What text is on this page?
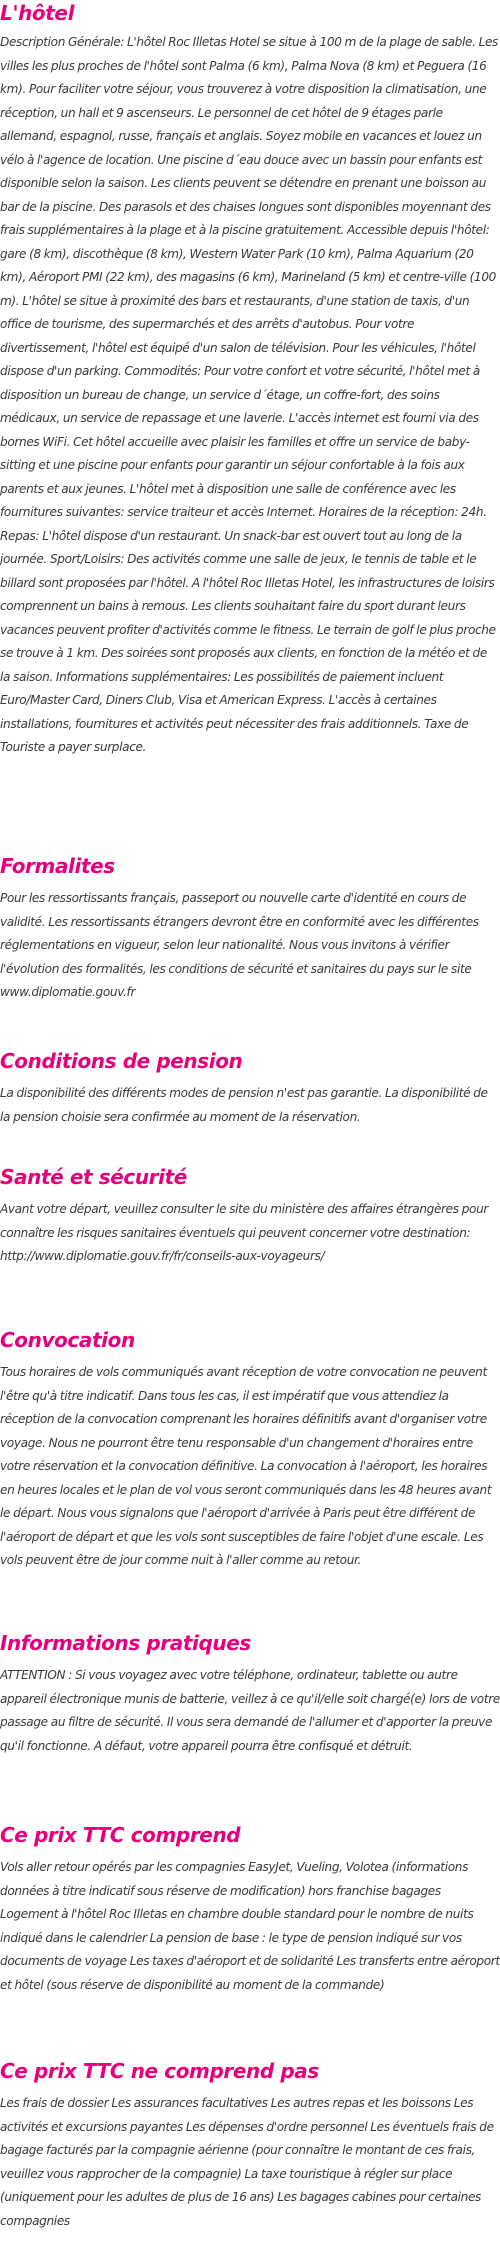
L'hôtel

Description Générale: L'hôtel Roc Illetas Hotel se situe à 100 m de la plage de sable. Les villes les plus proches de l'hôtel sont Palma (6 km), Palma Nova (8 km) et Peguera (16 km). Pour faciliter votre séjour, vous trouverez à votre disposition la climatisation, une réception, un hall et 9 ascenseurs. Le personnel de cet hôtel de 9 étages parle allemand, espagnol, russe, français et anglais. Soyez mobile en vacances et louez un vélo à l'agence de location. Une piscine d´eau douce avec un bassin pour enfants est disponible selon la saison. Les clients peuvent se détendre en prenant une boisson au bar de la piscine. Des parasols et des chaises longues sont disponibles moyennant des frais supplémentaires à la plage et à la piscine gratuitement. Accessible depuis l'hôtel: gare (8 km), discothèque (8 km), Western Water Park (10 km), Palma Aquarium (20 km), Aéroport PMI (22 km), des magasins (6 km), Marineland (5 km) et centre-ville (100 m). L'hôtel se situe à proximité des bars et restaurants, d'une station de taxis, d'un office de tourisme, des supermarchés et des arrêts d'autobus. Pour votre divertissement, l'hôtel est équipé d'un salon de télévision. Pour les véhicules, l'hôtel dispose d'un parking. Commodités: Pour votre confort et votre sécurité, l'hôtel met à disposition un bureau de change, un service d´étage, un coffre-fort, des soins médicaux, un service de repassage et une laverie. L'accès internet est fourni via des bornes WiFi. Cet hôtel accueille avec plaisir les familles et offre un service de baby-sitting et une piscine pour enfants pour garantir un séjour confortable à la fois aux parents et aux jeunes. L'hôtel met à disposition une salle de conférence avec les fournitures suivantes: service traiteur et accès Internet. Horaires de la réception: 24h. Repas: L'hôtel dispose d'un restaurant. Un snack-bar est ouvert tout au long de la journée. Sport/Loisirs: Des activités comme une salle de jeux, le tennis de table et le billard sont proposées par l'hôtel. A l'hôtel Roc Illetas Hotel, les infrastructures de loisirs comprennent un bains à remous. Les clients souhaitant faire du sport durant leurs vacances peuvent profiter d'activités comme le fitness. Le terrain de golf le plus proche se trouve à 1 km. Des soirées sont proposés aux clients, en fonction de la météo et de la saison. Informations supplémentaires: Les possibilités de paiement incluent Euro/Master Card, Diners Club, Visa et American Express. L'accès à certaines installations, fournitures et activités peut nécessiter des frais additionnels. Taxe de Touriste a payer surplace.

Formalites

Pour les ressortissants français, passeport ou nouvelle carte d'identité en cours de validité. Les ressortissants étrangers devront être en conformité avec les différentes réglementations en vigueur, selon leur nationalité. Nous vous invitons à vérifier l'évolution des formalités, les conditions de sécurité et sanitaires du pays sur le site www.diplomatie.gouv.fr

Conditions de pension

La disponibilité des différents modes de pension n'est pas garantie. La disponibilité de la pension choisie sera confirmée au moment de la réservation.

Santé et sécurité

Avant votre départ, veuillez consulter le site du ministère des affaires étrangères pour connaître les risques sanitaires éventuels qui peuvent concerner votre destination: http://www.diplomatie.gouv.fr/fr/conseils-aux-voyageurs/

Convocation

Tous horaires de vols communiqués avant réception de votre convocation ne peuvent l'être qu'à titre indicatif. Dans tous les cas, il est impératif que vous attendiez la réception de la convocation comprenant les horaires définitifs avant d'organiser votre voyage. Nous ne pourront être tenu responsable d'un changement d'horaires entre votre réservation et la convocation définitive. La convocation à l'aéroport, les horaires en heures locales et le plan de vol vous seront communiqués dans les 48 heures avant le départ. Nous vous signalons que l'aéroport d'arrivée à Paris peut être différent de l'aéroport de départ et que les vols sont susceptibles de faire l'objet d'une escale. Les vols peuvent être de jour comme nuit à l'aller comme au retour.

Informations pratiques

ATTENTION : Si vous voyagez avec votre téléphone, ordinateur, tablette ou autre appareil électronique munis de batterie, veillez à ce qu'il/elle soit chargé(e) lors de votre passage au filtre de sécurité. Il vous sera demandé de l'allumer et d'apporter la preuve qu'il fonctionne. A défaut, votre appareil pourra être confisqué et détruit.

Ce prix TTC comprend

Vols aller retour opérés par les compagnies EasyJet, Vueling, Volotea (informations données à titre indicatif sous réserve de modification) hors franchise bagages Logement à l'hôtel Roc Illetas en chambre double standard pour le nombre de nuits indiqué dans le calendrier La pension de base : le type de pension indiqué sur vos documents de voyage Les taxes d'aéroport et de solidarité Les transferts entre aéroport et hôtel (sous réserve de disponibilité au moment de la commande)

Ce prix TTC ne comprend pas

Les frais de dossier Les assurances facultatives Les autres repas et les boissons Les activités et excursions payantes Les dépenses d'ordre personnel Les éventuels frais de bagage facturés par la compagnie aérienne (pour connaître le montant de ces frais, veuillez vous rapprocher de la compagnie) La taxe touristique à régler sur place (uniquement pour les adultes de plus de 16 ans) Les bagages cabines pour certaines compagnies
